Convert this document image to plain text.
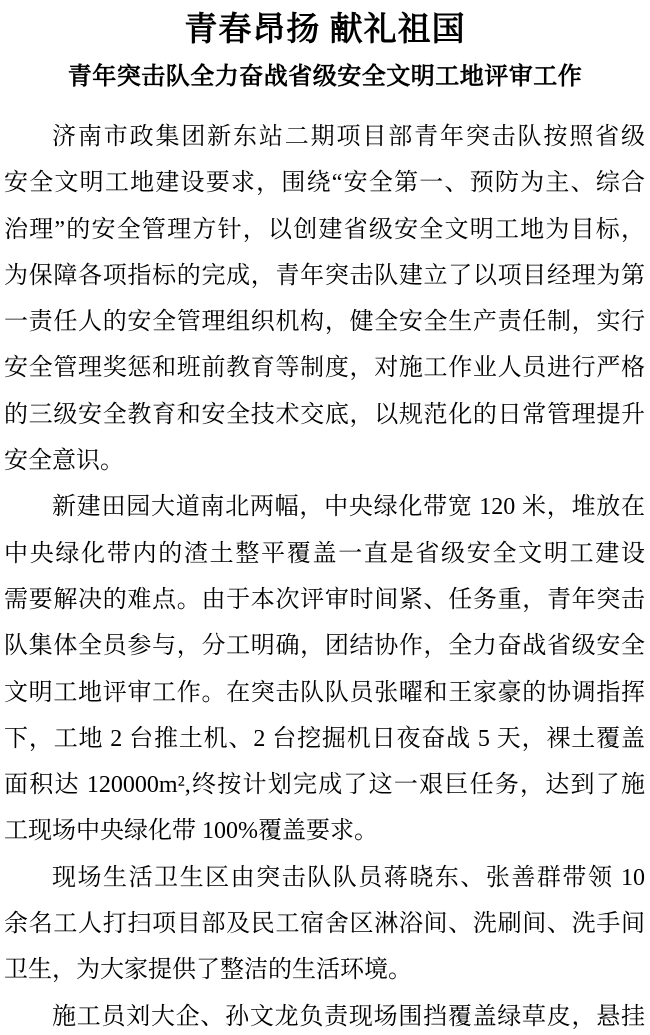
青春昂扬 献礼祖国
青年突击队全力奋战省级安全文明工地评审工作
济南市政集团新东站二期项目部青年突击队按照省级
安全文明工地建设要求，围绕“安全第一、预防为主、综合
治理”的安全管理方针，以创建省级安全文明工地为目标，
为保障各项指标的完成，青年突击队建立了以项目经理为第
一责任人的安全管理组织机构，健全安全生产责任制，实行
安全管理奖惩和班前教育等制度，对施工作业人员进行严格
的三级安全教育和安全技术交底，以规范化的日常管理提升
安全意识。
新建田园大道南北两幅，中央绿化带宽 120 米，堆放在
中央绿化带内的渣土整平覆盖一直是省级安全文明工建设
需要解决的难点。由于本次评审时间紧、任务重，青年突击
队集体全员参与，分工明确，团结协作，全力奋战省级安全
文明工地评审工作。在突击队队员张曜和王家豪的协调指挥
下，工地 2 台推土机、2 台挖掘机日夜奋战 5 天，裸土覆盖
面积达 120000m²,终按计划完成了这一艰巨任务，达到了施
工现场中央绿化带 100%覆盖要求。
现场生活卫生区由突击队队员蒋晓东、张善群带领 10
余名工人打扫项目部及民工宿舍区淋浴间、洗刷间、洗手间
卫生，为大家提供了整洁的生活环境。
施工员刘大企、孙文龙负责现场围挡覆盖绿草皮，悬挂
